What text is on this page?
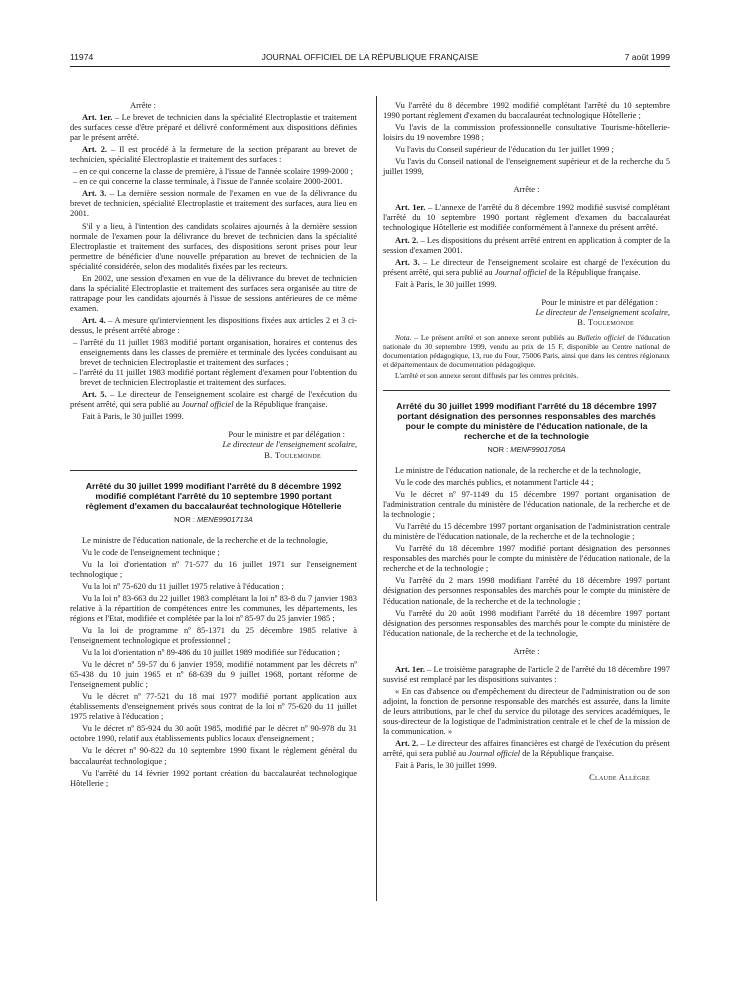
11974	JOURNAL OFFICIEL DE LA RÉPUBLIQUE FRANÇAISE	7 août 1999

Arrête :

Art. 1er. – Le brevet de technicien dans la spécialité Electroplastie et traitement des surfaces cesse d'être préparé et délivré conformément aux dispositions définies par le présent arrêté.

Art. 2. – Il est procédé à la fermeture de la section préparant au brevet de technicien, spécialité Electroplastie et traitement des surfaces :

– en ce qui concerne la classe de première, à l'issue de l'année scolaire 1999-2000 ;
– en ce qui concerne la classe terminale, à l'issue de l'année scolaire 2000-2001.

Art. 3. – La dernière session normale de l'examen en vue de la délivrance du brevet de technicien, spécialité Electroplastie et traitement des surfaces, aura lieu en 2001.

S'il y a lieu, à l'intention des candidats scolaires ajournés à la dernière session normale de l'examen pour la délivrance du brevet de technicien dans la spécialité Electroplastie et traitement des surfaces, des dispositions seront prises pour leur permettre de bénéficier d'une nouvelle préparation au brevet de technicien de la spécialité considérée, selon des modalités fixées par les recteurs.

En 2002, une session d'examen en vue de la délivrance du brevet de technicien dans la spécialité Electroplastie et traitement des surfaces sera organisée au titre de rattrapage pour les candidats ajournés à l'issue de sessions antérieures de ce même examen.

Art. 4. – A mesure qu'interviennent les dispositions fixées aux articles 2 et 3 ci-dessus, le présent arrêté abroge :

– l'arrêté du 11 juillet 1983 modifié portant organisation, horaires et contenus des enseignements dans les classes de première et terminale des lycées conduisant au brevet de technicien Electroplastie et traitement des surfaces ;
– l'arrêté du 11 juillet 1983 modifié portant règlement d'examen pour l'obtention du brevet de technicien Electroplastie et traitement des surfaces.

Art. 5. – Le directeur de l'enseignement scolaire est chargé de l'exécution du présent arrêté, qui sera publié au Journal officiel de la République française.

Fait à Paris, le 30 juillet 1999.

Pour le ministre et par délégation :

Le directeur de l'enseignement scolaire,

B. Toulemonde

Arrêté du 30 juillet 1999 modifiant l'arrêté du 8 décembre 1992 modifié complétant l'arrêté du 10 septembre 1990 portant règlement d'examen du baccalauréat technologique Hôtellerie

NOR : MENE9901713A

Le ministre de l'éducation nationale, de la recherche et de la technologie,

Vu le code de l'enseignement technique ;

Vu la loi d'orientation nº 71-577 du 16 juillet 1971 sur l'enseignement technologique ;

Vu la loi nº 75-620 du 11 juillet 1975 relative à l'éducation ;

Vu la loi nº 83-663 du 22 juillet 1983 complétant la loi nº 83-8 du 7 janvier 1983 relative à la répartition de compétences entre les communes, les départements, les régions et l'Etat, modifiée et complétée par la loi nº 85-97 du 25 janvier 1985 ;

Vu la loi de programme nº 85-1371 du 25 décembre 1985 relative à l'enseignement technologique et professionnel ;

Vu la loi d'orientation nº 89-486 du 10 juillet 1989 modifiée sur l'éducation ;

Vu le décret nº 59-57 du 6 janvier 1959, modifié notamment par les décrets nº 65-438 du 10 juin 1965 et nº 68-639 du 9 juillet 1968, portant réforme de l'enseignement public ;

Vu le décret nº 77-521 du 18 mai 1977 modifié portant application aux établissements d'enseignement privés sous contrat de la loi nº 75-620 du 11 juillet 1975 relative à l'éducation ;

Vu le décret nº 85-924 du 30 août 1985, modifié par le décret nº 90-978 du 31 octobre 1990, relatif aux établissements publics locaux d'enseignement ;

Vu le décret nº 90-822 du 10 septembre 1990 fixant le règlement général du baccalauréat technologique ;

Vu l'arrêté du 14 février 1992 portant création du baccalauréat technologique Hôtellerie ;

Vu l'arrêté du 8 décembre 1992 modifié complétant l'arrêté du 10 septembre 1990 portant règlement d'examen du baccalauréat technologique Hôtellerie ;

Vu l'avis de la commission professionnelle consultative Tourisme-hôtellerie-loisirs du 19 novembre 1998 ;

Vu l'avis du Conseil supérieur de l'éducation du 1er juillet 1999 ;

Vu l'avis du Conseil national de l'enseignement supérieur et de la recherche du 5 juillet 1999,

Arrête :

Art. 1er. – L'annexe de l'arrêté du 8 décembre 1992 modifié susvisé complétant l'arrêté du 10 septembre 1990 portant règlement d'examen du baccalauréat technologique Hôtellerie est modifiée conformément à l'annexe du présent arrêté.

Art. 2. – Les dispositions du présent arrêté entrent en application à compter de la session d'examen 2001.

Art. 3. – Le directeur de l'enseignement scolaire est chargé de l'exécution du présent arrêté, qui sera publié au Journal officiel de la République française.

Fait à Paris, le 30 juillet 1999.

Pour le ministre et par délégation :

Le directeur de l'enseignement scolaire,

B. Toulemonde

Nota. – Le présent arrêté et son annexe seront publiés au Bulletin officiel de l'éducation nationale du 30 septembre 1999, vendu au prix de 15 F, disponible au Centre national de documentation pédagogique, 13, rue du Four, 75006 Paris, ainsi que dans les centres régionaux et départementaux de documentation pédagogique.

L'arrêté et son annexe seront diffusés par les centres précités.

Arrêté du 30 juillet 1999 modifiant l'arrêté du 18 décembre 1997 portant désignation des personnes responsables des marchés pour le compte du ministère de l'éducation nationale, de la recherche et de la technologie

NOR : MENF9901705A

Le ministre de l'éducation nationale, de la recherche et de la technologie,

Vu le code des marchés publics, et notamment l'article 44 ;

Vu le décret nº 97-1149 du 15 décembre 1997 portant organisation de l'administration centrale du ministère de l'éducation nationale, de la recherche et de la technologie ;

Vu l'arrêté du 15 décembre 1997 portant organisation de l'administration centrale du ministère de l'éducation nationale, de la recherche et de la technologie ;

Vu l'arrêté du 18 décembre 1997 modifié portant désignation des personnes responsables des marchés pour le compte du ministère de l'éducation nationale, de la recherche et de la technologie ;

Vu l'arrêté du 2 mars 1998 modifiant l'arrêté du 18 décembre 1997 portant désignation des personnes responsables des marchés pour le compte du ministère de l'éducation nationale, de la recherche et de la technologie ;

Vu l'arrêté du 20 août 1998 modifiant l'arrêté du 18 décembre 1997 portant désignation des personnes responsables des marchés pour le compte du ministère de l'éducation nationale, de la recherche et de la technologie,

Arrête :

Art. 1er. – Le troisième paragraphe de l'article 2 de l'arrêté du 18 décembre 1997 susvisé est remplacé par les dispositions suivantes :

« En cas d'absence ou d'empêchement du directeur de l'administration ou de son adjoint, la fonction de personne responsable des marchés est assurée, dans la limite de leurs attributions, par le chef du service du pilotage des services académiques, le sous-directeur de la logistique de l'administration centrale et le chef de la mission de la communication. »

Art. 2. – Le directeur des affaires financières est chargé de l'exécution du présent arrêté, qui sera publié au Journal officiel de la République française.

Fait à Paris, le 30 juillet 1999.

Claude Allègre
